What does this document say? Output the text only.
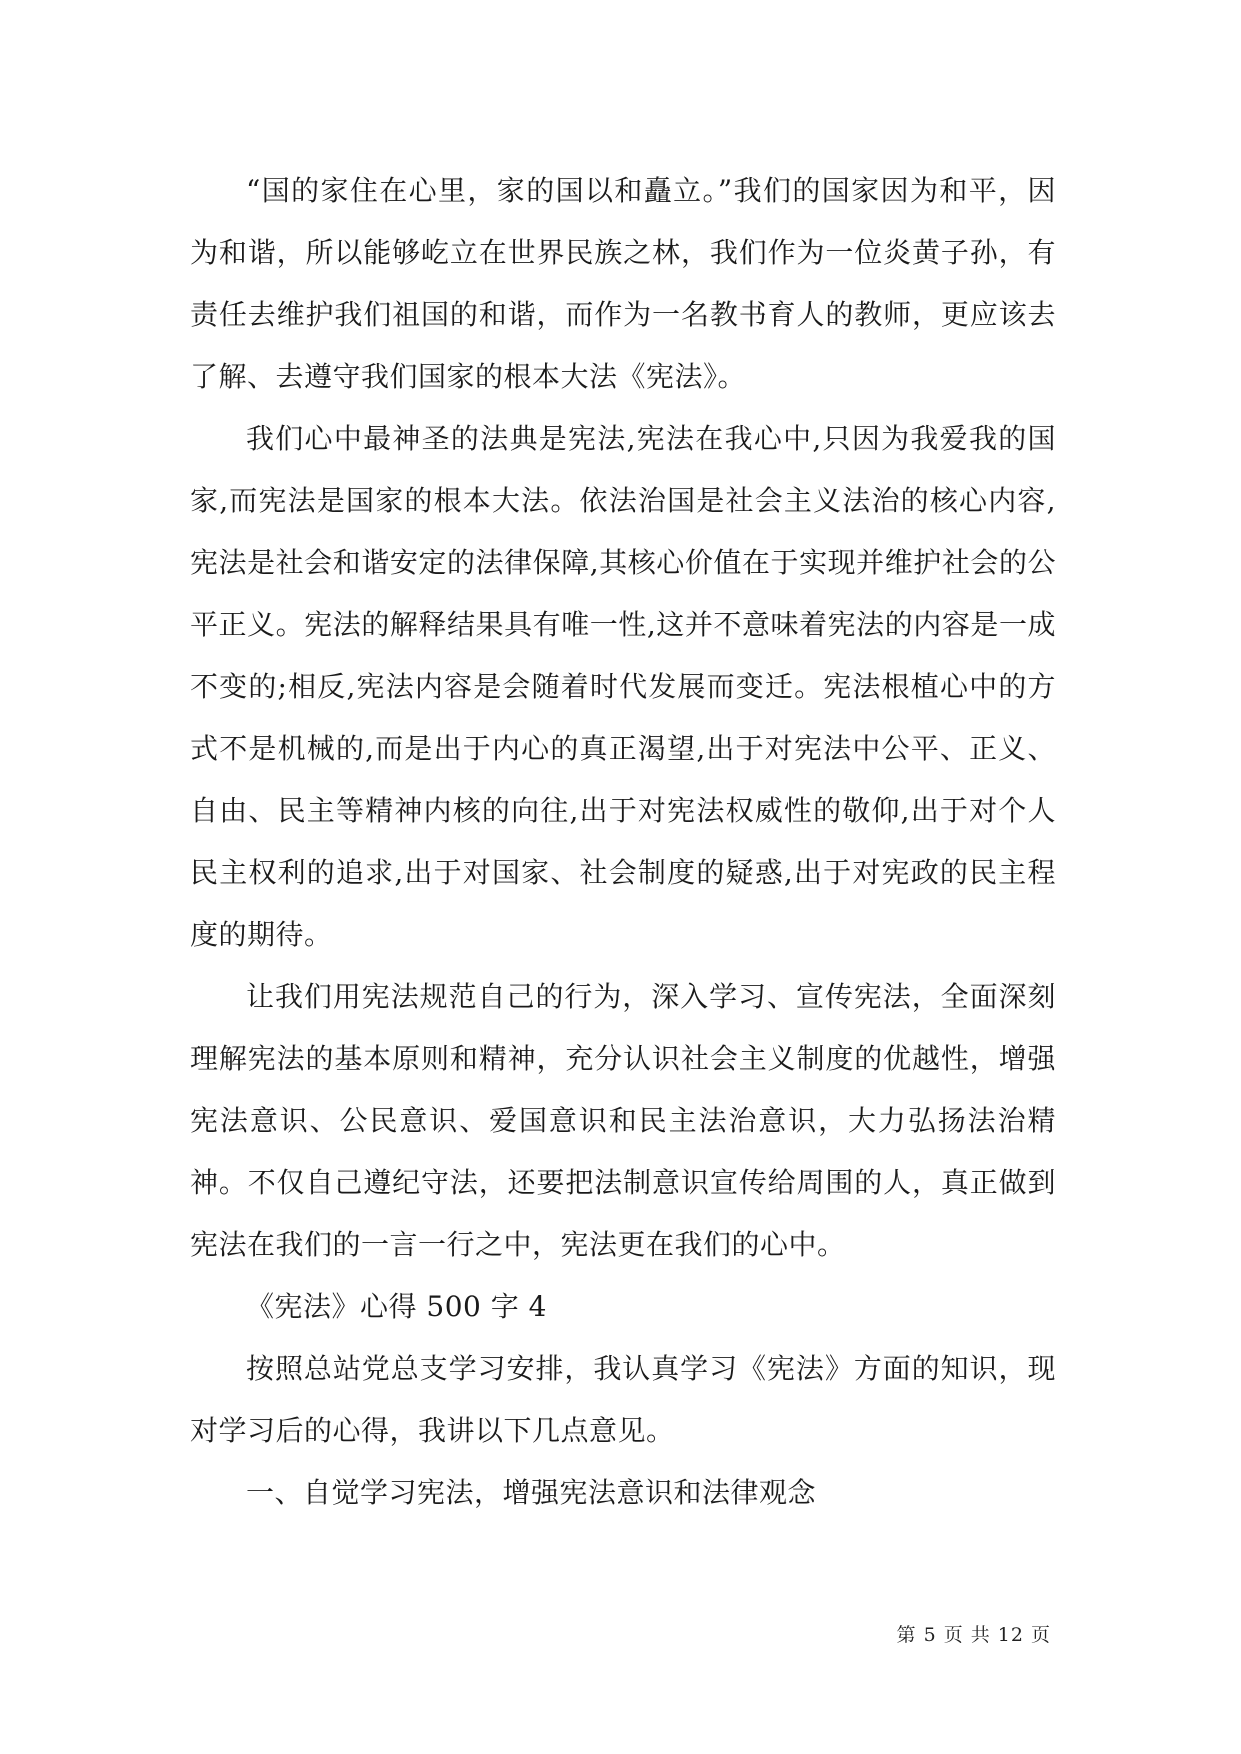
“国的家住在心里，家的国以和矗立。”我们的国家因为和平，因为和谐，所以能够屹立在世界民族之林，我们作为一位炎黄子孙，有责任去维护我们祖国的和谐，而作为一名教书育人的教师，更应该去了解、去遵守我们国家的根本大法《宪法》。

我们心中最神圣的法典是宪法,宪法在我心中,只因为我爱我的国家,而宪法是国家的根本大法。依法治国是社会主义法治的核心内容,宪法是社会和谐安定的法律保障,其核心价值在于实现并维护社会的公平正义。宪法的解释结果具有唯一性,这并不意味着宪法的内容是一成不变的;相反,宪法内容是会随着时代发展而变迁。宪法根植心中的方式不是机械的,而是出于内心的真正渴望,出于对宪法中公平、正义、自由、民主等精神内核的向往,出于对宪法权威性的敬仰,出于对个人民主权利的追求,出于对国家、社会制度的疑惑,出于对宪政的民主程度的期待。

让我们用宪法规范自己的行为，深入学习、宣传宪法，全面深刻理解宪法的基本原则和精神，充分认识社会主义制度的优越性，增强宪法意识、公民意识、爱国意识和民主法治意识，大力弘扬法治精神。不仅自己遵纪守法，还要把法制意识宣传给周围的人，真正做到宪法在我们的一言一行之中，宪法更在我们的心中。

《宪法》心得 500 字 4

按照总站党总支学习安排，我认真学习《宪法》方面的知识，现对学习后的心得，我讲以下几点意见。

一、自觉学习宪法，增强宪法意识和法律观念

第 5 页 共 12 页
